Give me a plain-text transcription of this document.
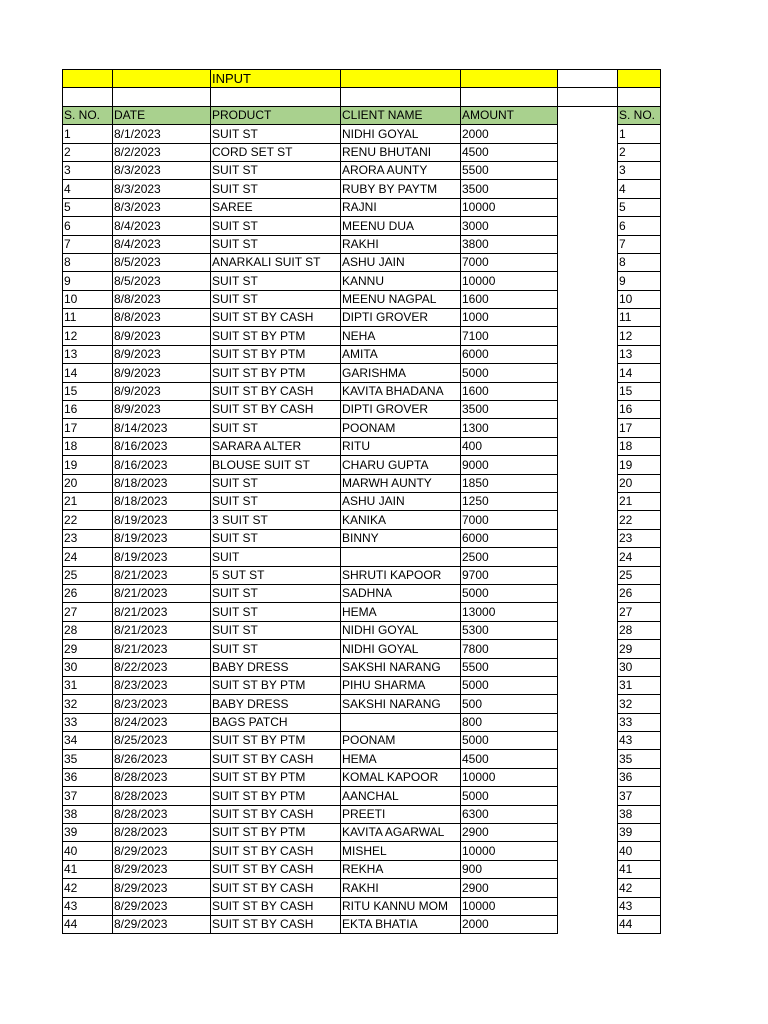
		INPUT				

S. NO.	DATE	PRODUCT	CLIENT NAME	AMOUNT		S. NO.
1	8/1/2023	SUIT ST	NIDHI GOYAL	2000		1
2	8/2/2023	CORD SET ST	RENU BHUTANI	4500		2
3	8/3/2023	SUIT ST	ARORA AUNTY	5500		3
4	8/3/2023	SUIT ST	RUBY BY PAYTM	3500		4
5	8/3/2023	SAREE	RAJNI	10000		5
6	8/4/2023	SUIT ST	MEENU DUA	3000		6
7	8/4/2023	SUIT ST	RAKHI	3800		7
8	8/5/2023	ANARKALI SUIT ST	ASHU JAIN	7000		8
9	8/5/2023	SUIT ST	KANNU	10000		9
10	8/8/2023	SUIT ST	MEENU NAGPAL	1600		10
11	8/8/2023	SUIT ST BY CASH	DIPTI GROVER	1000		11
12	8/9/2023	SUIT ST BY PTM	NEHA	7100		12
13	8/9/2023	SUIT ST BY PTM	AMITA	6000		13
14	8/9/2023	SUIT ST BY PTM	GARISHMA	5000		14
15	8/9/2023	SUIT ST BY CASH	KAVITA BHADANA	1600		15
16	8/9/2023	SUIT ST BY CASH	DIPTI GROVER	3500		16
17	8/14/2023	SUIT ST	POONAM	1300		17
18	8/16/2023	SARARA ALTER	RITU	400		18
19	8/16/2023	BLOUSE SUIT ST	CHARU GUPTA	9000		19
20	8/18/2023	SUIT ST	MARWH AUNTY	1850		20
21	8/18/2023	SUIT ST	ASHU JAIN	1250		21
22	8/19/2023	3 SUIT ST	KANIKA	7000		22
23	8/19/2023	SUIT ST	BINNY	6000		23
24	8/19/2023	SUIT		2500		24
25	8/21/2023	5 SUT ST	SHRUTI KAPOOR	9700		25
26	8/21/2023	SUIT ST	SADHNA	5000		26
27	8/21/2023	SUIT ST	HEMA	13000		27
28	8/21/2023	SUIT ST	NIDHI GOYAL	5300		28
29	8/21/2023	SUIT ST	NIDHI GOYAL	7800		29
30	8/22/2023	BABY DRESS	SAKSHI NARANG	5500		30
31	8/23/2023	SUIT ST BY PTM	PIHU SHARMA	5000		31
32	8/23/2023	BABY DRESS	SAKSHI NARANG	500		32
33	8/24/2023	BAGS PATCH		800		33
34	8/25/2023	SUIT ST BY PTM	POONAM	5000		43
35	8/26/2023	SUIT ST BY CASH	HEMA	4500		35
36	8/28/2023	SUIT ST BY PTM	KOMAL KAPOOR	10000		36
37	8/28/2023	SUIT ST BY PTM	AANCHAL	5000		37
38	8/28/2023	SUIT ST BY CASH	PREETI	6300		38
39	8/28/2023	SUIT ST BY PTM	KAVITA AGARWAL	2900		39
40	8/29/2023	SUIT ST BY CASH	MISHEL	10000		40
41	8/29/2023	SUIT ST BY CASH	REKHA	900		41
42	8/29/2023	SUIT ST BY CASH	RAKHI	2900		42
43	8/29/2023	SUIT ST BY CASH	RITU KANNU MOM	10000		43
44	8/29/2023	SUIT ST BY CASH	EKTA BHATIA	2000		44
